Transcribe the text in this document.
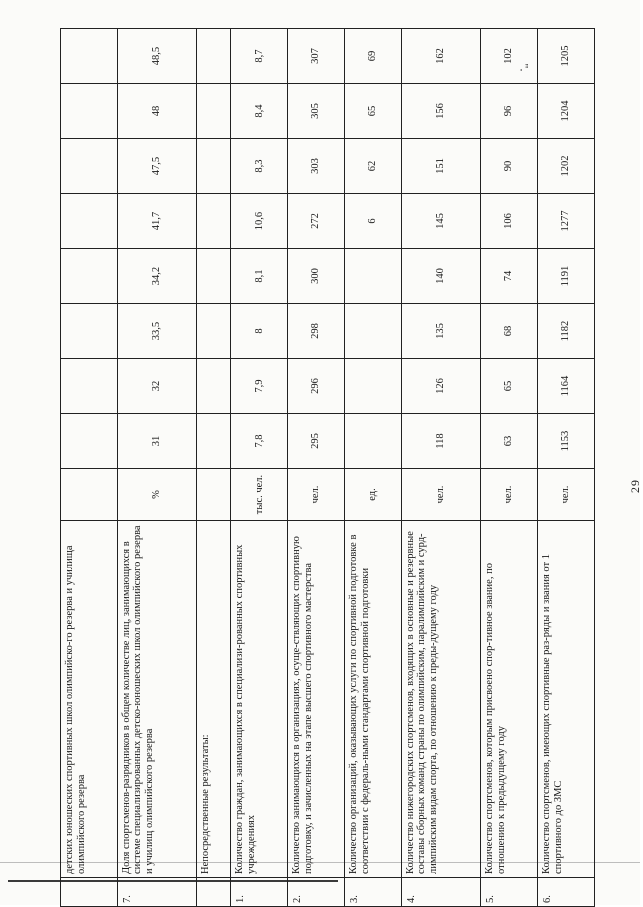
".
29
	детских юношеских спортивных школ олимпийско-го резерва и училища олимпийского резерва									
7.	Доля спортсменов-разрядников в общем количестве лиц, занимающихся в системе специализированных детско-юношеских школ олимпийского резерва и училищ олимпийского резерва	%	31	32	33,5	34,2	41,7	47,5	48	48,5
	Непосредственные результаты:									
1.	Количество граждан, занимающихся в специализи-рованных спортивных учреждениях	тыс. чел.	7,8	7,9	8	8,1	10,6	8,3	8,4	8,7
2.	Количество занимающихся в организациях, осуще-ствляющих спортивную подготовку, и зачисленных на этапе высшего спортивного мастерства	чел.	295	296	298	300	272	303	305	307
3.	Количество организаций, оказывающих услуги по спортивной подготовке в соответствии с федераль-ными стандартами спортивной подготовки	ед.					6	62	65	69
4.	Количество нижегородских спортсменов, входящих в основные и резервные составы сборных команд страны по олимпийским, паралимпийским и сурд-лимпийским видам спорта, по отношению к преды-дущему году	чел.	118	126	135	140	145	151	156	162
5.	Количество спортсменов, которым присвоено спор-тивное звание, по отношению к предыдущему году	чел.	63	65	68	74	106	90	96	102
6.	Количество спортсменов, имеющих спортивные раз-ряды и звания от 1 спортивного до ЗМС	чел.	1153	1164	1182	1191	1277	1202	1204	1205
